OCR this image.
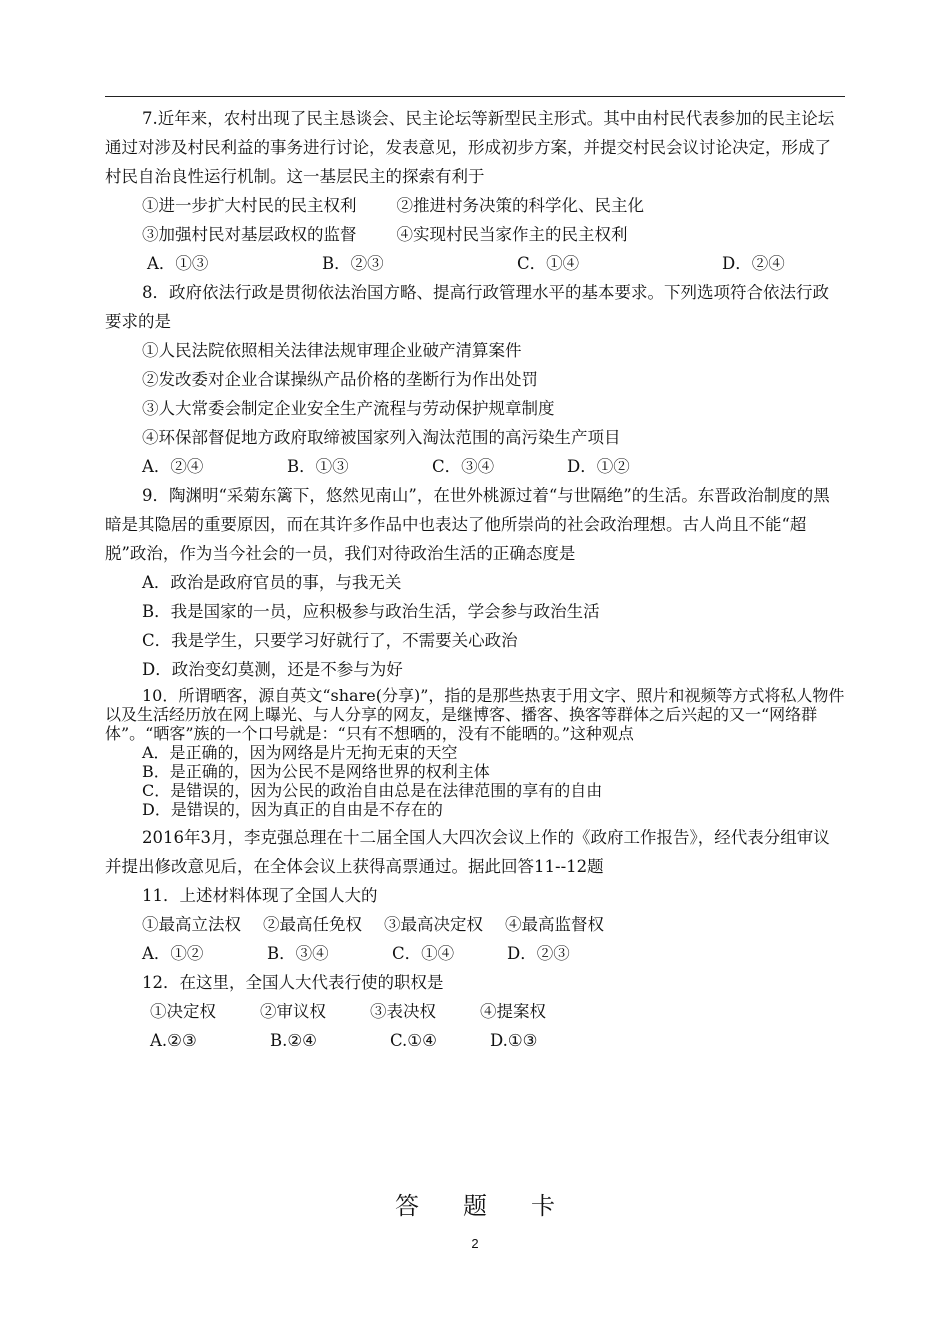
7.近年来，农村出现了民主恳谈会、民主论坛等新型民主形式。其中由村民代表参加的民主论坛通过对涉及村民利益的事务进行讨论，发表意见，形成初步方案，并提交村民会议讨论决定，形成了村民自治良性运行机制。这一基层民主的探索有利于

①进一步扩大村民的民主权利 ②推进村务决策的科学化、民主化
③加强村民对基层政权的监督 ④实现村民当家作主的民主权利
A．①③	B．②③	C．①④	D．②④

8．政府依法行政是贯彻依法治国方略、提高行政管理水平的基本要求。下列选项符合依法行政要求的是

①人民法院依照相关法律法规审理企业破产清算案件

②发改委对企业合谋操纵产品价格的垄断行为作出处罚

③人大常委会制定企业安全生产流程与劳动保护规章制度

④环保部督促地方政府取缔被国家列入淘汰范围的高污染生产项目

A．②④	B．①③	C．③④	D．①②

9．陶渊明“采菊东篱下，悠然见南山”，在世外桃源过着“与世隔绝”的生活。东晋政治制度的黑暗是其隐居的重要原因，而在其许多作品中也表达了他所崇尚的社会政治理想。古人尚且不能“超脱”政治，作为当今社会的一员，我们对待政治生活的正确态度是

A．政治是政府官员的事，与我无关

B．我是国家的一员，应积极参与政治生活，学会参与政治生活

C．我是学生，只要学习好就行了，不需要关心政治

D．政治变幻莫测，还是不参与为好

10．所谓晒客，源自英文“share(分享)”，指的是那些热衷于用文字、照片和视频等方式将私人物件以及生活经历放在网上曝光、与人分享的网友，是继博客、播客、换客等群体之后兴起的又一“网络群体”。“晒客”族的一个口号就是：“只有不想晒的，没有不能晒的。”这种观点

A．是正确的，因为网络是片无拘无束的天空

B．是正确的，因为公民不是网络世界的权利主体

C．是错误的，因为公民的政治自由总是在法律范围的享有的自由

D．是错误的，因为真正的自由是不存在的

2016年3月，李克强总理在十二届全国人大四次会议上作的《政府工作报告》，经代表分组审议并提出修改意见后，在全体会议上获得高票通过。据此回答11--12题

11．上述材料体现了全国人大的

①最高立法权 ②最高任免权 ③最高决定权 ④最高监督权
A．①②	B．③④	C．①④	D．②③

12．在这里，全国人大代表行使的职权是

①决定权	②审议权	③表决权	④提案权
A.②③	B.②④	C.①④	D.①③
答题卡
2
